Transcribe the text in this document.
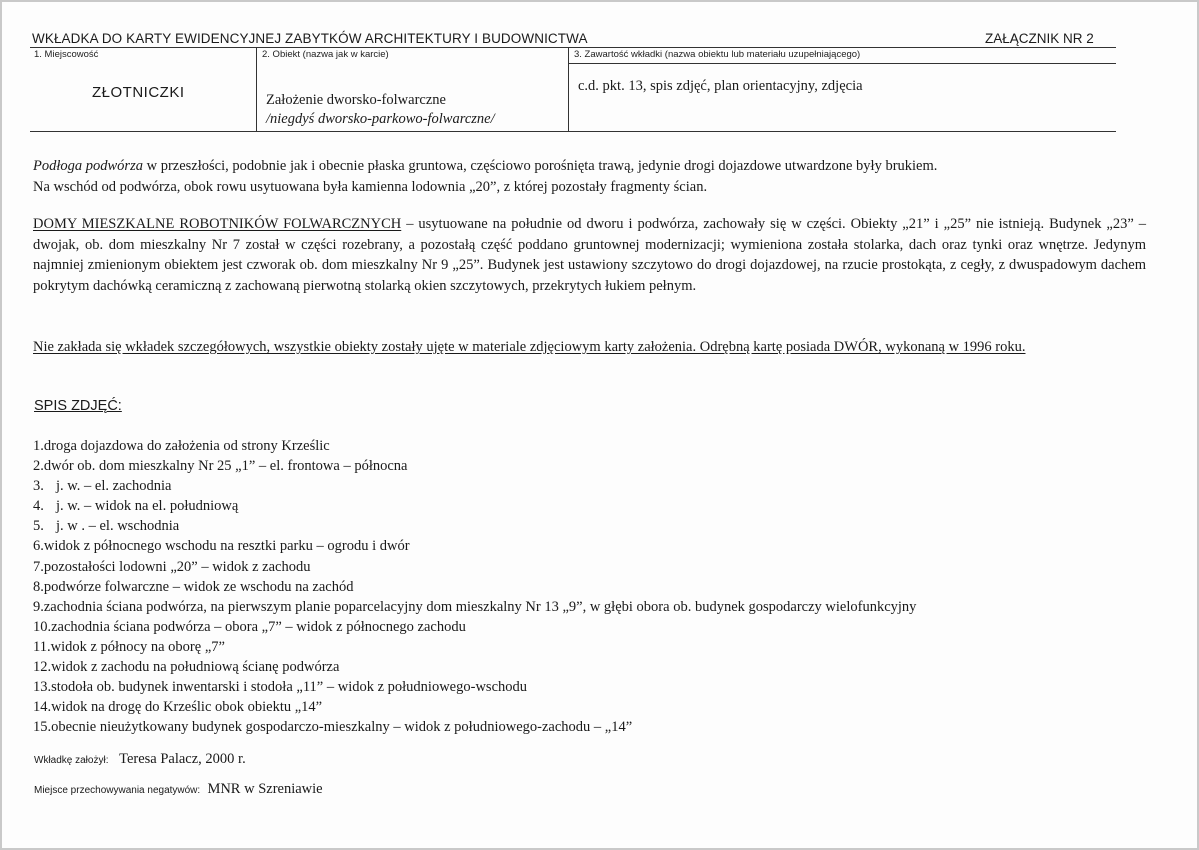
WKŁADKA DO KARTY EWIDENCYJNEJ ZABYTKÓW ARCHITEKTURY I BUDOWNICTWA	ZAŁĄCZNIK NR 2
1. Miejscowość	2. Obiekt (nazwa jak w karcie)	3. Zawartość wkładki (nazwa obiektu lub materiału uzupełniającego)
ZŁOTNICZKI	Założenie dworsko-folwarczne
/niegdyś dworsko-parkowo-folwarczne/
c.d. pkt. 13, spis zdjęć, plan orientacyjny, zdjęcia
Podłoga podwórza w przeszłości, podobnie jak i obecnie płaska gruntowa, częściowo porośnięta trawą, jedynie drogi dojazdowe utwardzone były brukiem.
Na wschód od podwórza, obok rowu usytuowana była kamienna lodownia „20”, z której pozostały fragmenty ścian.
DOMY MIESZKALNE ROBOTNIKÓW FOLWARCZNYCH – usytuowane na południe od dworu i podwórza, zachowały się w części. Obiekty „21” i „25” nie istnieją. Budynek „23” – dwojak, ob. dom mieszkalny Nr 7 został w części rozebrany, a pozostałą część poddano gruntownej modernizacji; wymieniona została stolarka, dach oraz tynki oraz wnętrze. Jedynym najmniej zmienionym obiektem jest czworak ob. dom mieszkalny Nr 9 „25”. Budynek jest ustawiony szczytowo do drogi dojazdowej, na rzucie prostokąta, z cegły, z dwuspadowym dachem pokrytym dachówką ceramiczną z zachowaną pierwotną stolarką okien szczytowych, przekrytych łukiem pełnym.
Nie zakłada się wkładek szczegółowych, wszystkie obiekty zostały ujęte w materiale zdjęciowym karty założenia. Odrębną kartę posiada DWÓR, wykonaną w 1996 roku.
SPIS ZDJĘĆ:
1.droga dojazdowa do założenia od strony Krześlic
2.dwór ob. dom mieszkalny Nr 25 „1” – el. frontowa – północna
3. j. w. – el. zachodnia
4. j. w. – widok na el. południową
5. j. w . – el. wschodnia
6.widok z północnego wschodu na resztki parku – ogrodu i dwór
7.pozostałości lodowni „20” – widok z zachodu
8.podwórze folwarczne – widok ze wschodu na zachód
9.zachodnia ściana podwórza, na pierwszym planie poparcelacyjny dom mieszkalny Nr 13 „9”, w głębi obora ob. budynek gospodarczy wielofunkcyjny
10.zachodnia ściana podwórza – obora „7” – widok z północnego zachodu
11.widok z północy na oborę „7”
12.widok z zachodu na południową ścianę podwórza
13.stodoła ob. budynek inwentarski i stodoła „11” – widok z południowego-wschodu
14.widok na drogę do Krześlic obok obiektu „14”
15.obecnie nieużytkowany budynek gospodarczo-mieszkalny – widok z południowego-zachodu – „14”
Wkładkę założył: Teresa Palacz, 2000 r.
Miejsce przechowywania negatywów: MNR w Szreniawie
